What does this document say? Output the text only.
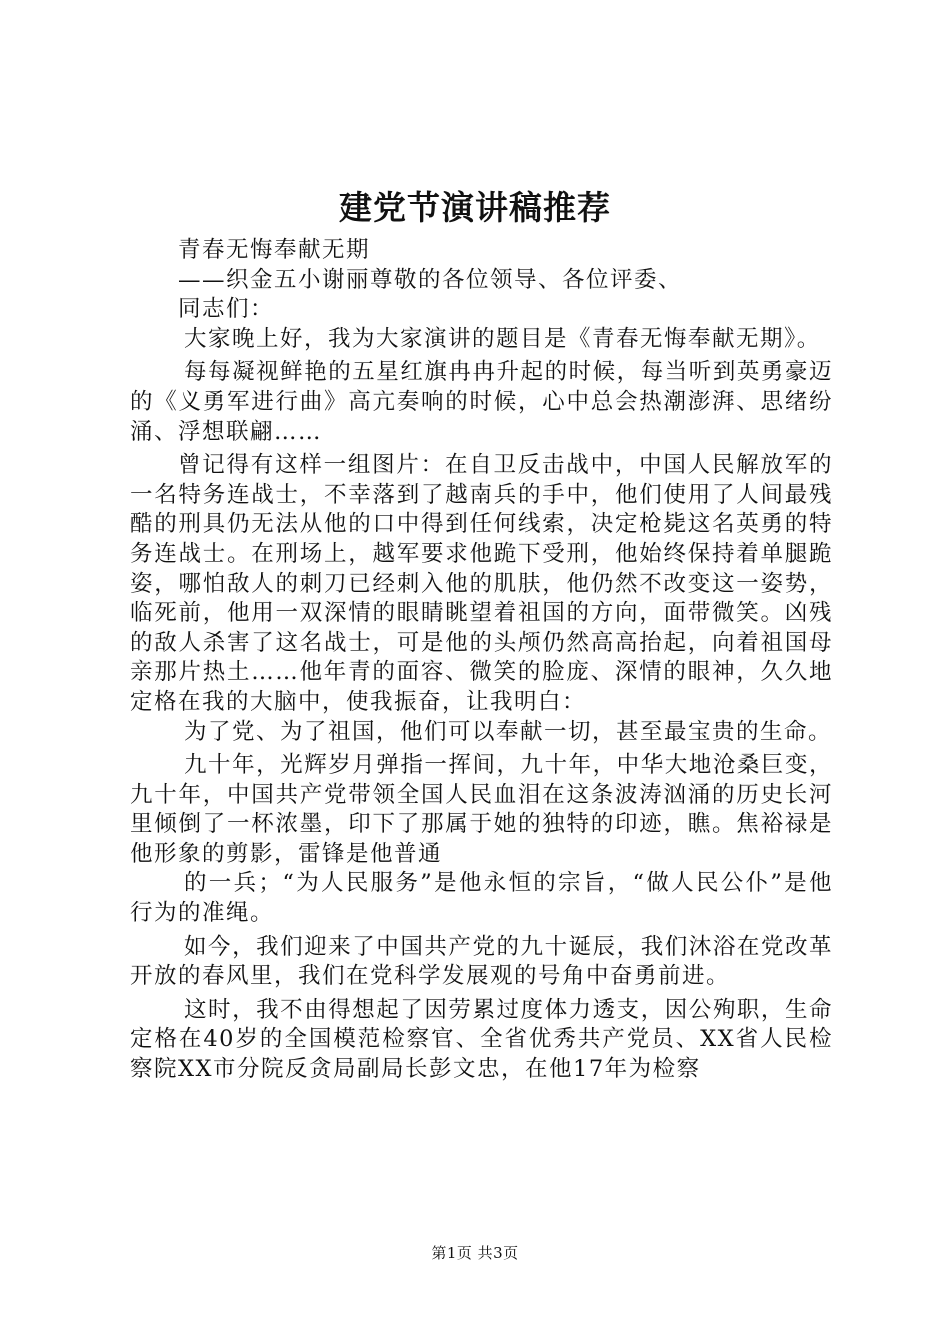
建党节演讲稿推荐

青春无悔奉献无期

——织金五小谢丽尊敬的各位领导、各位评委、

同志们：

大家晚上好，我为大家演讲的题目是《青春无悔奉献无期》。

每每凝视鲜艳的五星红旗冉冉升起的时候，每当听到英勇豪迈的《义勇军进行曲》高亢奏响的时候，心中总会热潮澎湃、思绪纷涌、浮想联翩……

曾记得有这样一组图片：在自卫反击战中，中国人民解放军的一名特务连战士，不幸落到了越南兵的手中，他们使用了人间最残酷的刑具仍无法从他的口中得到任何线索，决定枪毙这名英勇的特务连战士。在刑场上，越军要求他跪下受刑，他始终保持着单腿跪姿，哪怕敌人的刺刀已经刺入他的肌肤，他仍然不改变这一姿势，临死前，他用一双深情的眼睛眺望着祖国的方向，面带微笑。凶残的敌人杀害了这名战士，可是他的头颅仍然高高抬起，向着祖国母亲那片热土……他年青的面容、微笑的脸庞、深情的眼神，久久地定格在我的大脑中，使我振奋，让我明白：

为了党、为了祖国，他们可以奉献一切，甚至最宝贵的生命。

九十年，光辉岁月弹指一挥间，九十年，中华大地沧桑巨变，九十年，中国共产党带领全国人民血泪在这条波涛汹涌的历史长河里倾倒了一杯浓墨，印下了那属于她的独特的印迹，瞧。焦裕禄是他形象的剪影，雷锋是他普通

的一兵；“为人民服务”是他永恒的宗旨，“做人民公仆”是他行为的准绳。

如今，我们迎来了中国共产党的九十诞辰，我们沐浴在党改革开放的春风里，我们在党科学发展观的号角中奋勇前进。

这时，我不由得想起了因劳累过度体力透支，因公殉职，生命定格在40岁的全国模范检察官、全省优秀共产党员、XX省人民检察院XX市分院反贪局副局长彭文忠，在他17年为检察

第1页 共3页
